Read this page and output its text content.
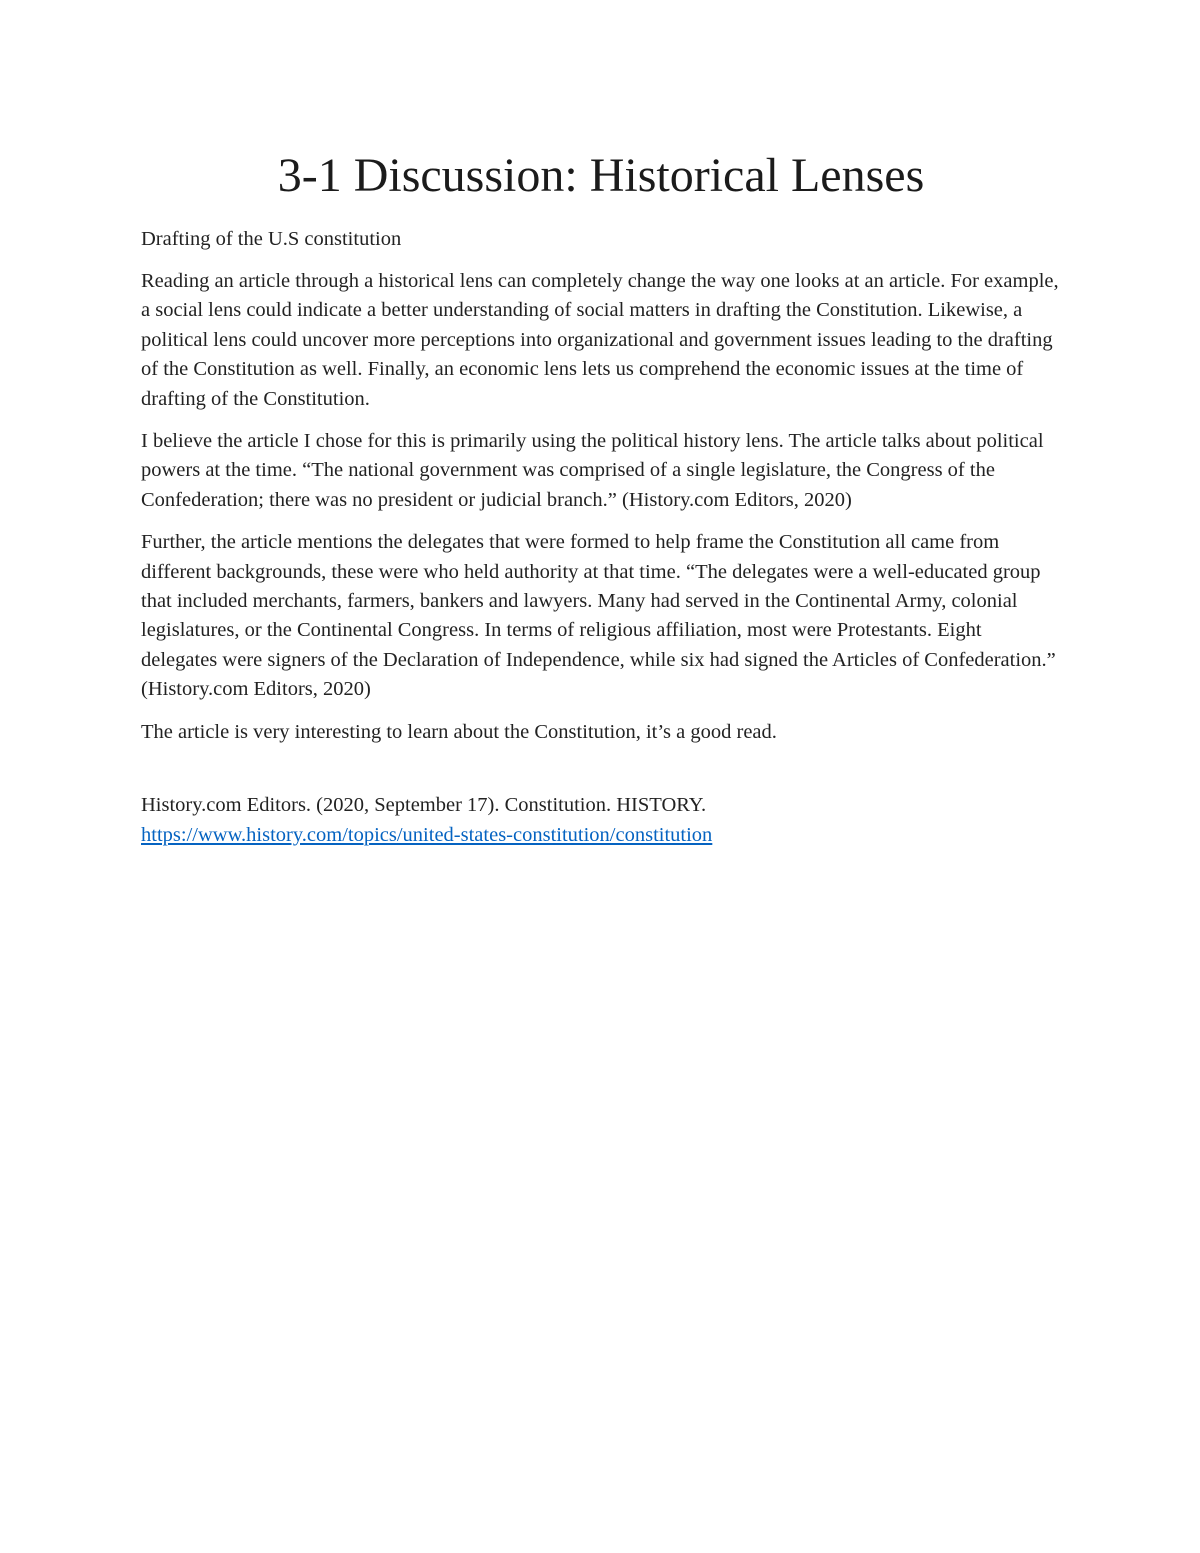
3-1 Discussion: Historical Lenses

Drafting of the U.S constitution

Reading an article through a historical lens can completely change the way one looks at an article. For example, a social lens could indicate a better understanding of social matters in drafting the Constitution. Likewise, a political lens could uncover more perceptions into organizational and government issues leading to the drafting of the Constitution as well. Finally, an economic lens lets us comprehend the economic issues at the time of drafting of the Constitution.

I believe the article I chose for this is primarily using the political history lens. The article talks about political powers at the time. “The national government was comprised of a single legislature, the Congress of the Confederation; there was no president or judicial branch.” (History.com Editors, 2020)

Further, the article mentions the delegates that were formed to help frame the Constitution all came from different backgrounds, these were who held authority at that time. “The delegates were a well-educated group that included merchants, farmers, bankers and lawyers. Many had served in the Continental Army, colonial legislatures, or the Continental Congress. In terms of religious affiliation, most were Protestants. Eight delegates were signers of the Declaration of Independence, while six had signed the Articles of Confederation.” (History.com Editors, 2020)

The article is very interesting to learn about the Constitution, it’s a good read.

History.com Editors. (2020, September 17). Constitution. HISTORY.
https://www.history.com/topics/united-states-constitution/constitution
